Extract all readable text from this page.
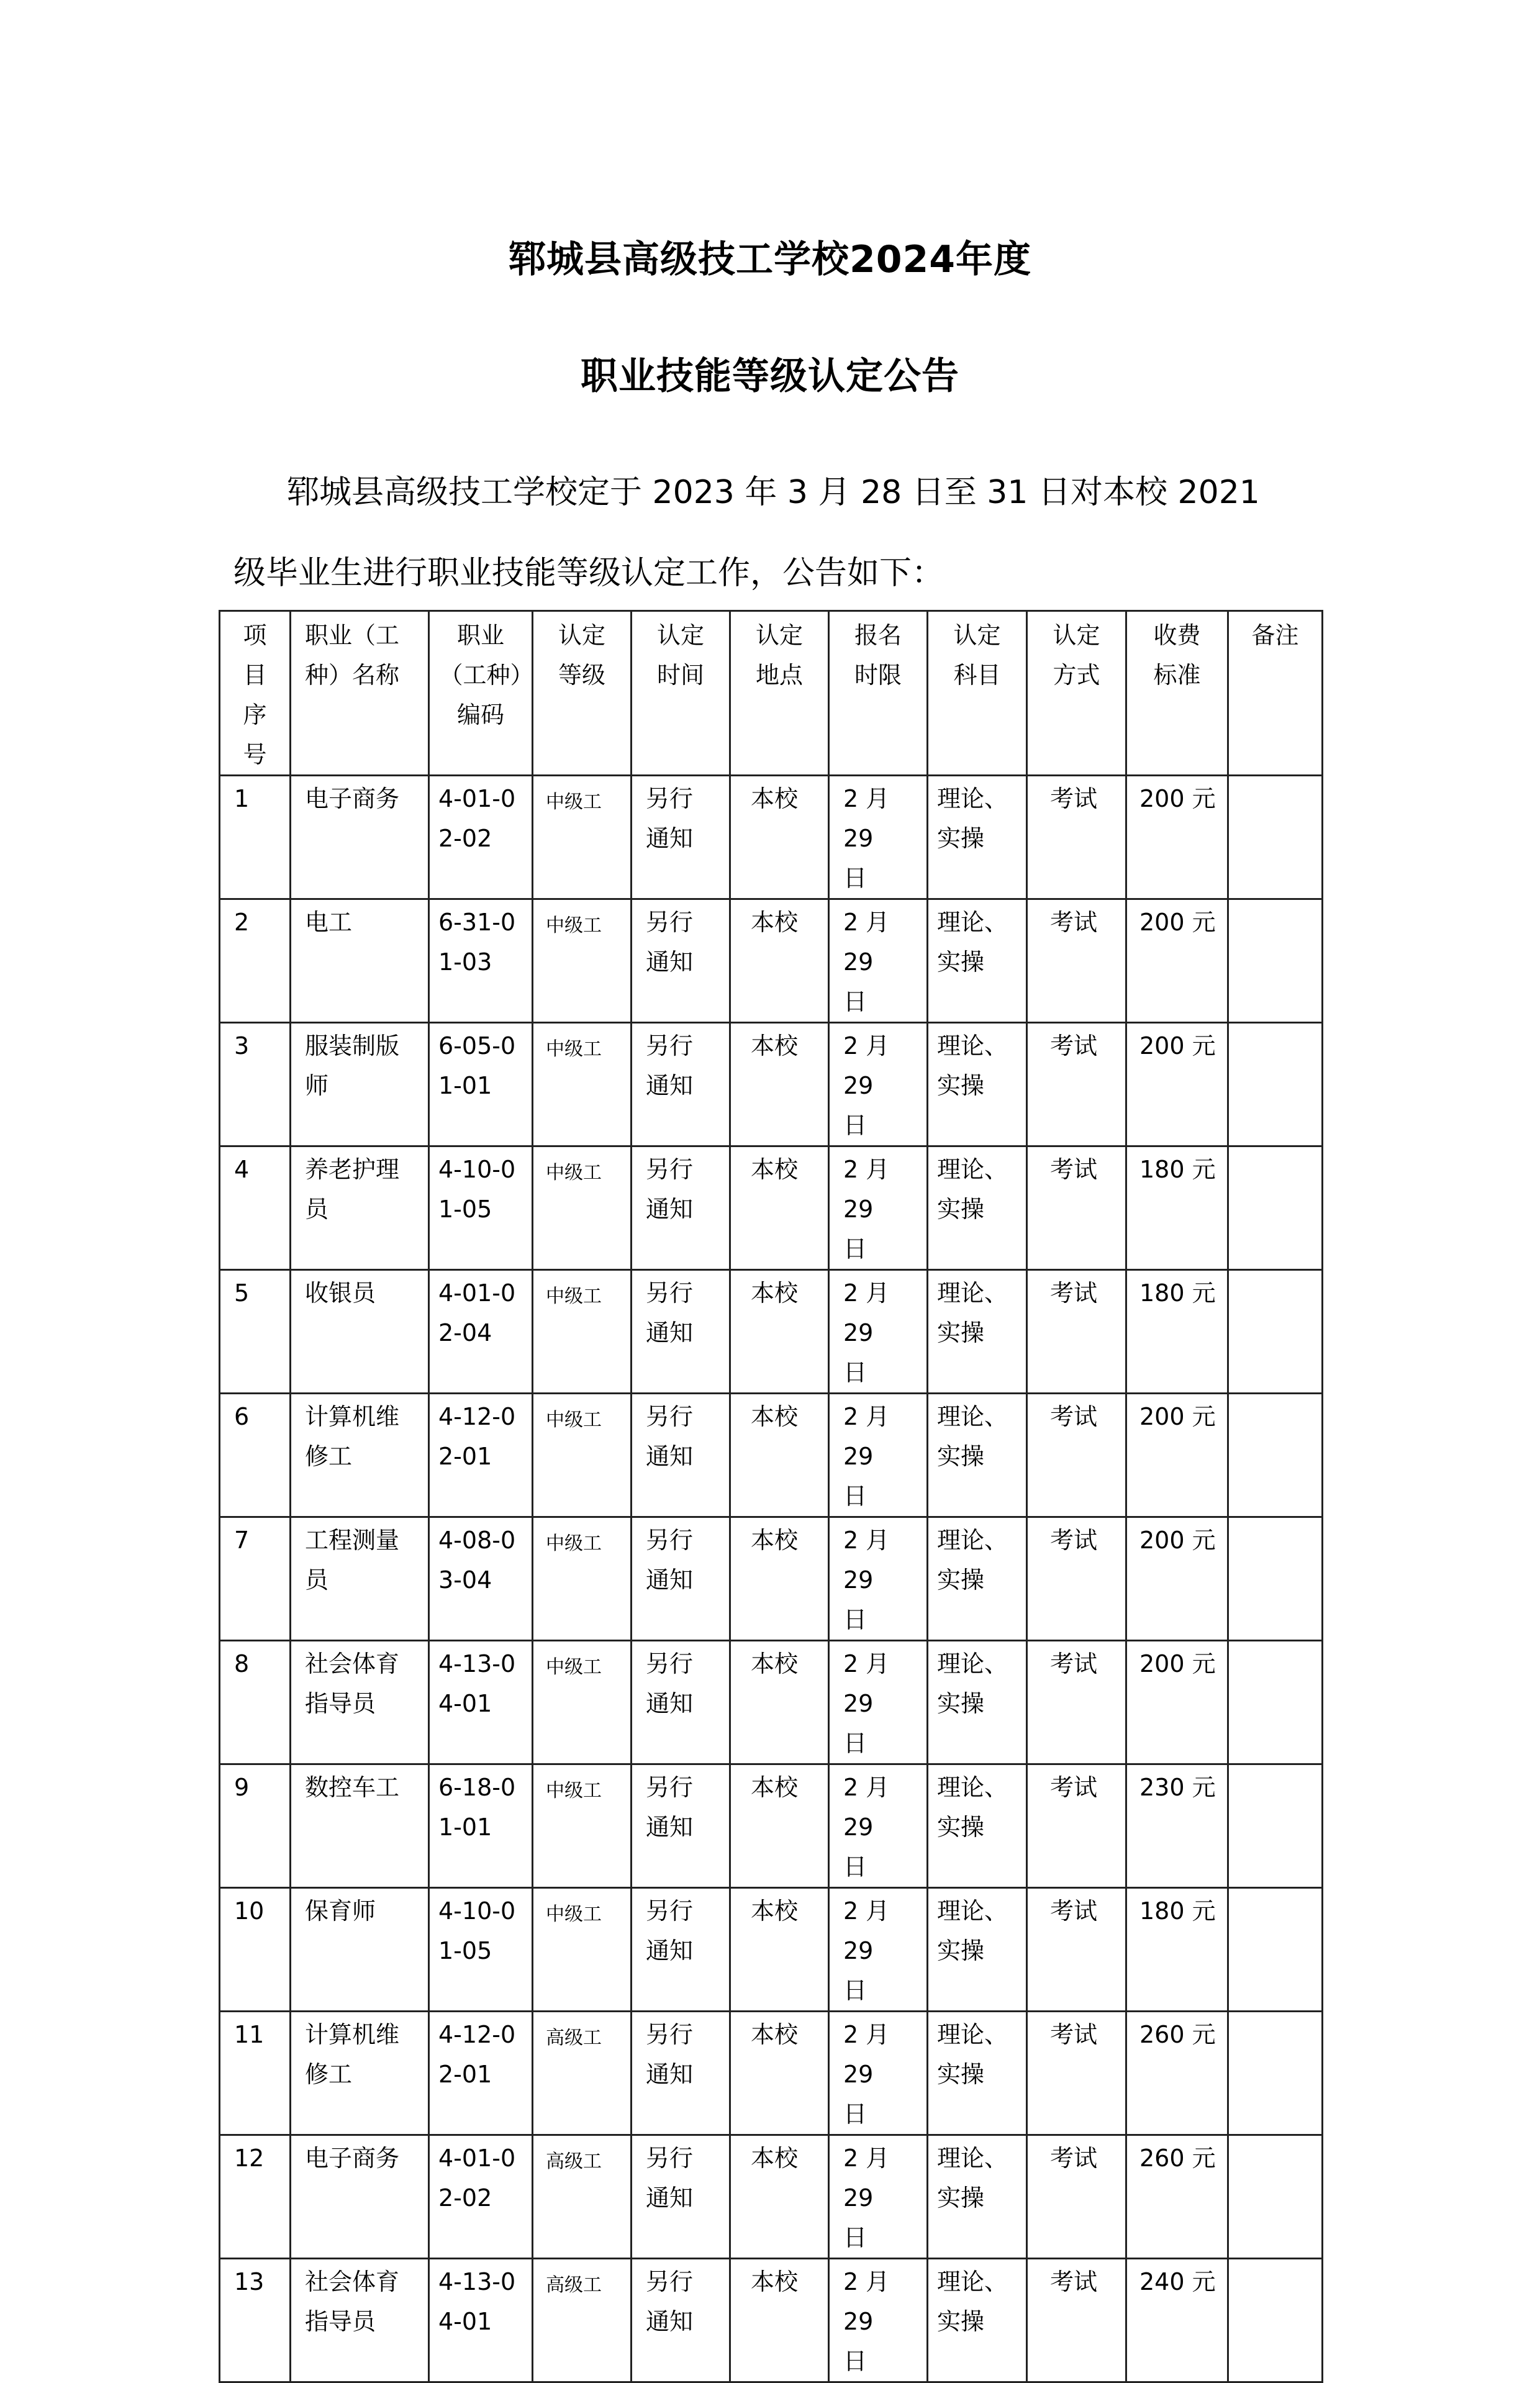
郓城县高级技工学校2024年度
职业技能等级认定公告
郓城县高级技工学校定于 2023 年 3 月 28 日至 31 日对本校 2021
级毕业生进行职业技能等级认定工作，公告如下：
项目序号	职业（工种）名称	职业（工种）编码	认定等级	认定时间	认定地点	报名时限	认定科目	认定方式	收费标准	备注
1	电子商务	4-01-02-02	中级工	另行通知	本校	2 月 29 日	理论、实操	考试	200 元	
2	电工	6-31-01-03	中级工	另行通知	本校	2 月 29 日	理论、实操	考试	200 元	
3	服装制版师	6-05-01-01	中级工	另行通知	本校	2 月 29 日	理论、实操	考试	200 元	
4	养老护理员	4-10-01-05	中级工	另行通知	本校	2 月 29 日	理论、实操	考试	180 元	
5	收银员	4-01-02-04	中级工	另行通知	本校	2 月 29 日	理论、实操	考试	180 元	
6	计算机维修工	4-12-02-01	中级工	另行通知	本校	2 月 29 日	理论、实操	考试	200 元	
7	工程测量员	4-08-03-04	中级工	另行通知	本校	2 月 29 日	理论、实操	考试	200 元	
8	社会体育指导员	4-13-04-01	中级工	另行通知	本校	2 月 29 日	理论、实操	考试	200 元	
9	数控车工	6-18-01-01	中级工	另行通知	本校	2 月 29 日	理论、实操	考试	230 元	
10	保育师	4-10-01-05	中级工	另行通知	本校	2 月 29 日	理论、实操	考试	180 元	
11	计算机维修工	4-12-02-01	高级工	另行通知	本校	2 月 29 日	理论、实操	考试	260 元	
12	电子商务	4-01-02-02	高级工	另行通知	本校	2 月 29 日	理论、实操	考试	260 元	
13	社会体育指导员	4-13-04-01	高级工	另行通知	本校	2 月 29 日	理论、实操	考试	240 元	
